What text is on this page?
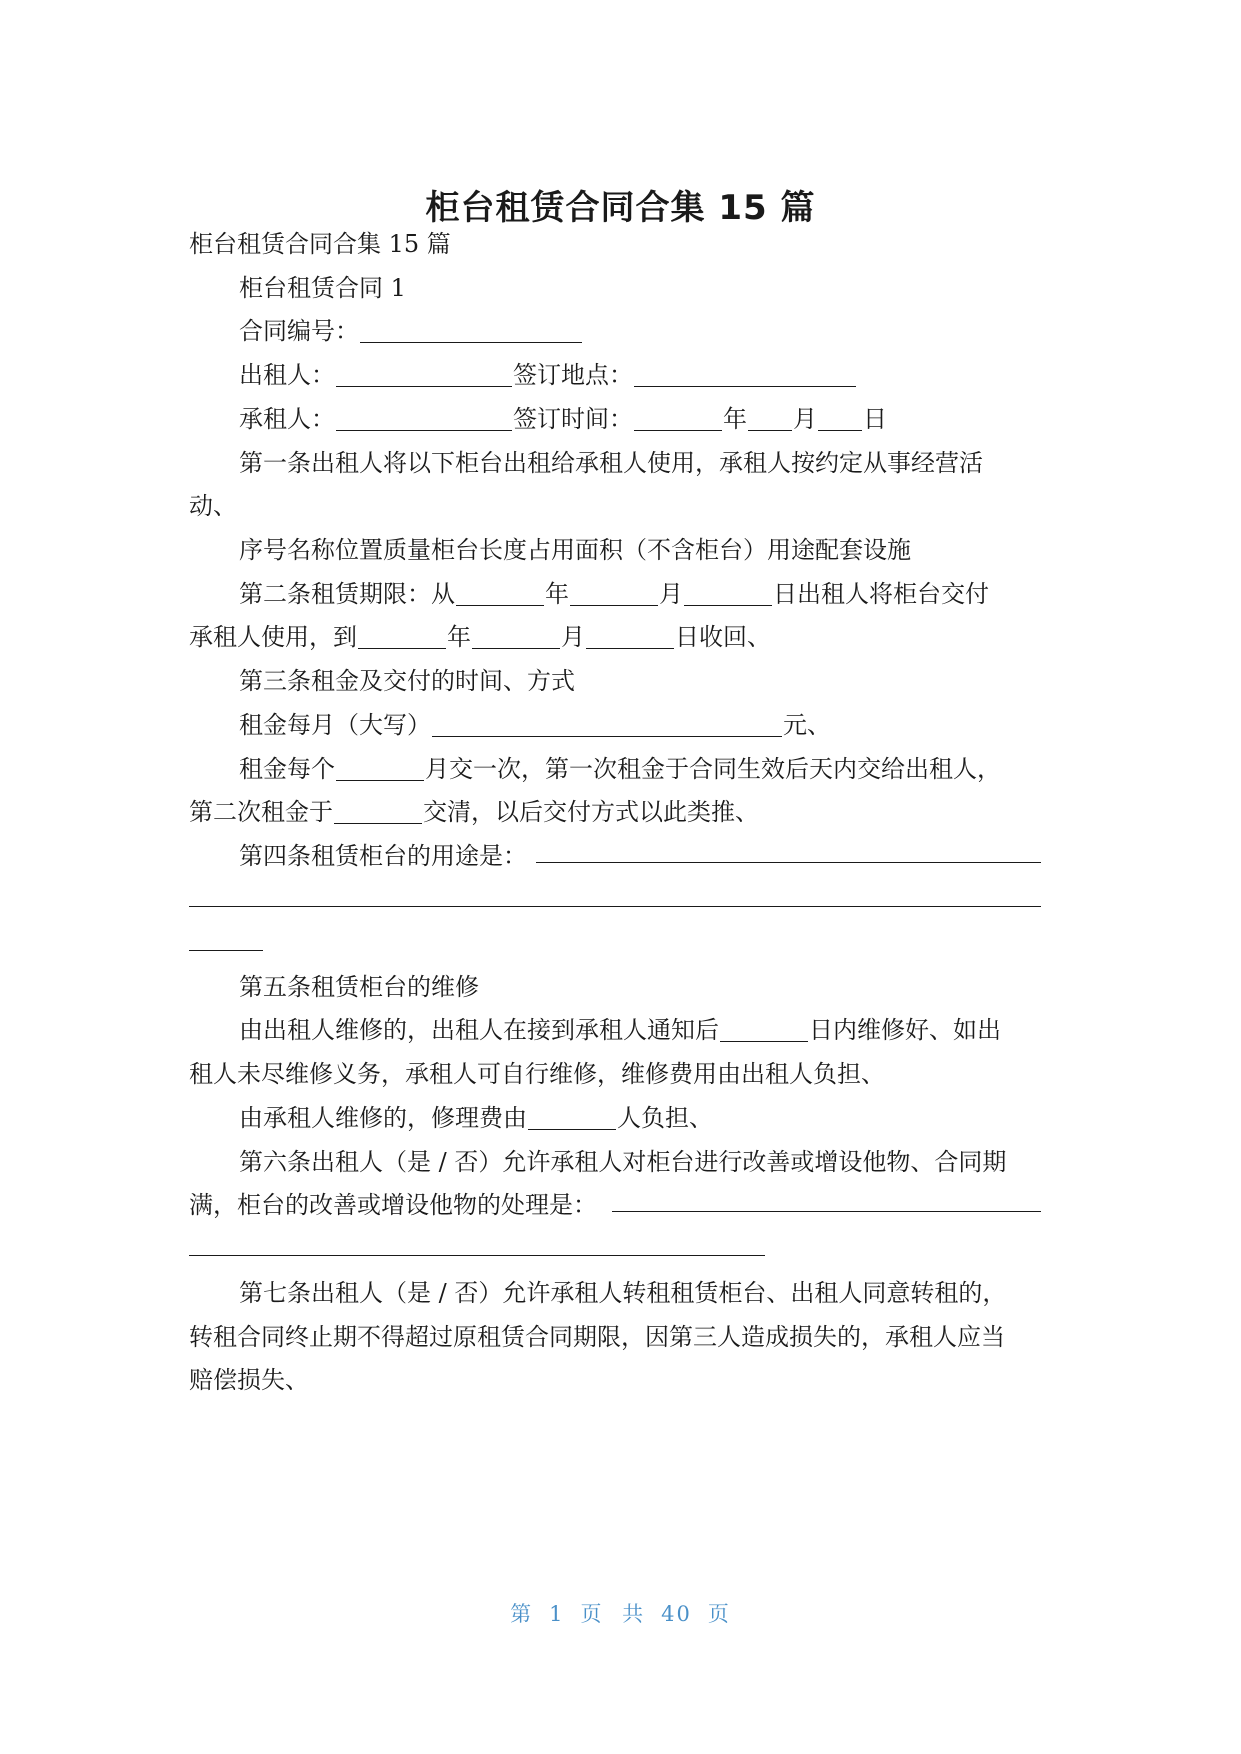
柜台租赁合同合集 15 篇
柜台租赁合同合集 15 篇
柜台租赁合同 1
合同编号：
出租人：	签订地点：
承租人：	签订时间：	年 月 日
第一条出租人将以下柜台出租给承租人使用，承租人按约定从事经营活
动、
序号名称位置质量柜台长度占用面积（不含柜台）用途配套设施
第二条租赁期限：从	年	月	日出租人将柜台交付
承租人使用，到	年	月	日收回、
第三条租金及交付的时间、方式
租金每月（大写）	元、
租金每个	月交一次，第一次租金于合同生效后天内交给出租人，
第二次租金于	交清，以后交付方式以此类推、
第四条租赁柜台的用途是：
第五条租赁柜台的维修
由出租人维修的，出租人在接到承租人通知后	日内维修好、如出
租人未尽维修义务，承租人可自行维修，维修费用由出租人负担、
由承租人维修的，修理费由	人负担、
第六条出租人（是 / 否）允许承租人对柜台进行改善或增设他物、合同期
满，柜台的改善或增设他物的处理是：
第七条出租人（是 / 否）允许承租人转租租赁柜台、出租人同意转租的，
转租合同终止期不得超过原租赁合同期限，因第三人造成损失的，承租人应当
赔偿损失、
第 1 页 共 40 页
